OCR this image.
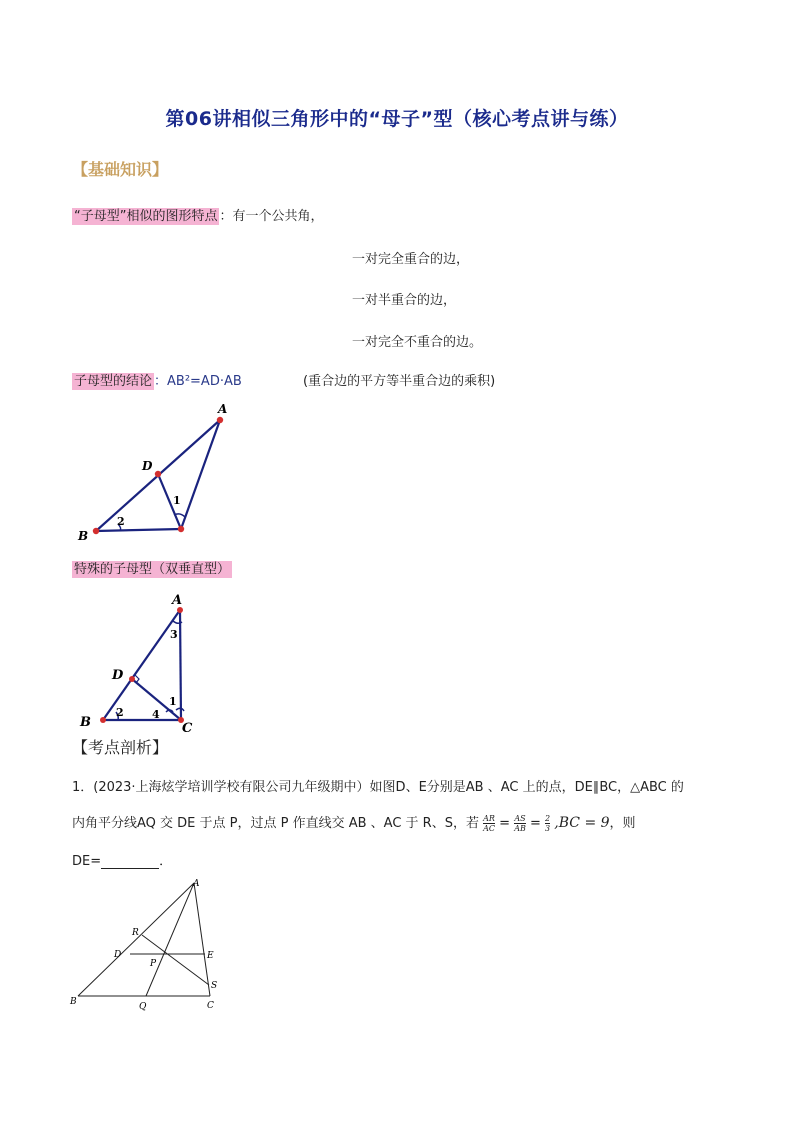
第06讲相似三角形中的“母子”型（核心考点讲与练）
【基础知识】
“子母型”相似的图形特点 ：有一个公共角，
一对完全重合的边，
一对半重合的边，
一对完全不重合的边。
子母型的结论 ：AB²=AD·AB	(重合边的平方等半重合边的乘积)
A
B
D
1
2
特殊的子母型（双垂直型）
A
B	C
D
1
2
3
4
【考点剖析】
1．(2023·上海炫学培训学校有限公司九年级期中）如图D、E分别是AB 、AC 上的点，DE∥BC，△ABC 的
内角平分线AQ 交 DE 于点 P，过点 P 作直线交 AB 、AC 于 R、S，若 $\frac{AR}{AC} = \frac{AS}{AB} = \frac{2}{3} ,BC = 9$，则
DE=	．
A
B	C
D	E
P
Q
R
S
